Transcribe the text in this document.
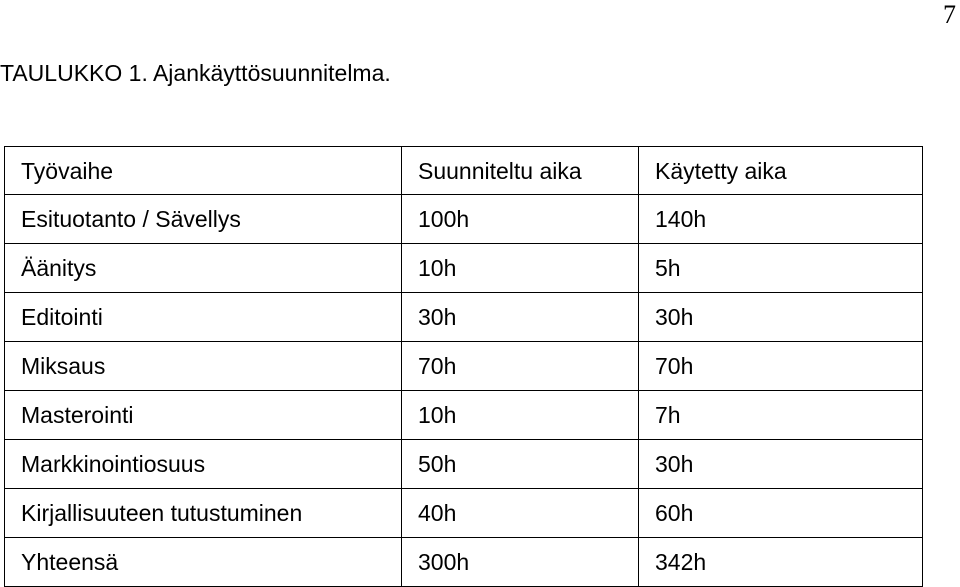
7
TAULUKKO 1. Ajankäyttösuunnitelma.
Työvaihe	Suunniteltu aika	Käytetty aika
Esituotanto / Sävellys	100h	140h
Äänitys	10h	5h
Editointi	30h	30h
Miksaus	70h	70h
Masterointi	10h	7h
Markkinointiosuus	50h	30h
Kirjallisuuteen tutustuminen	40h	60h
Yhteensä	300h	342h
